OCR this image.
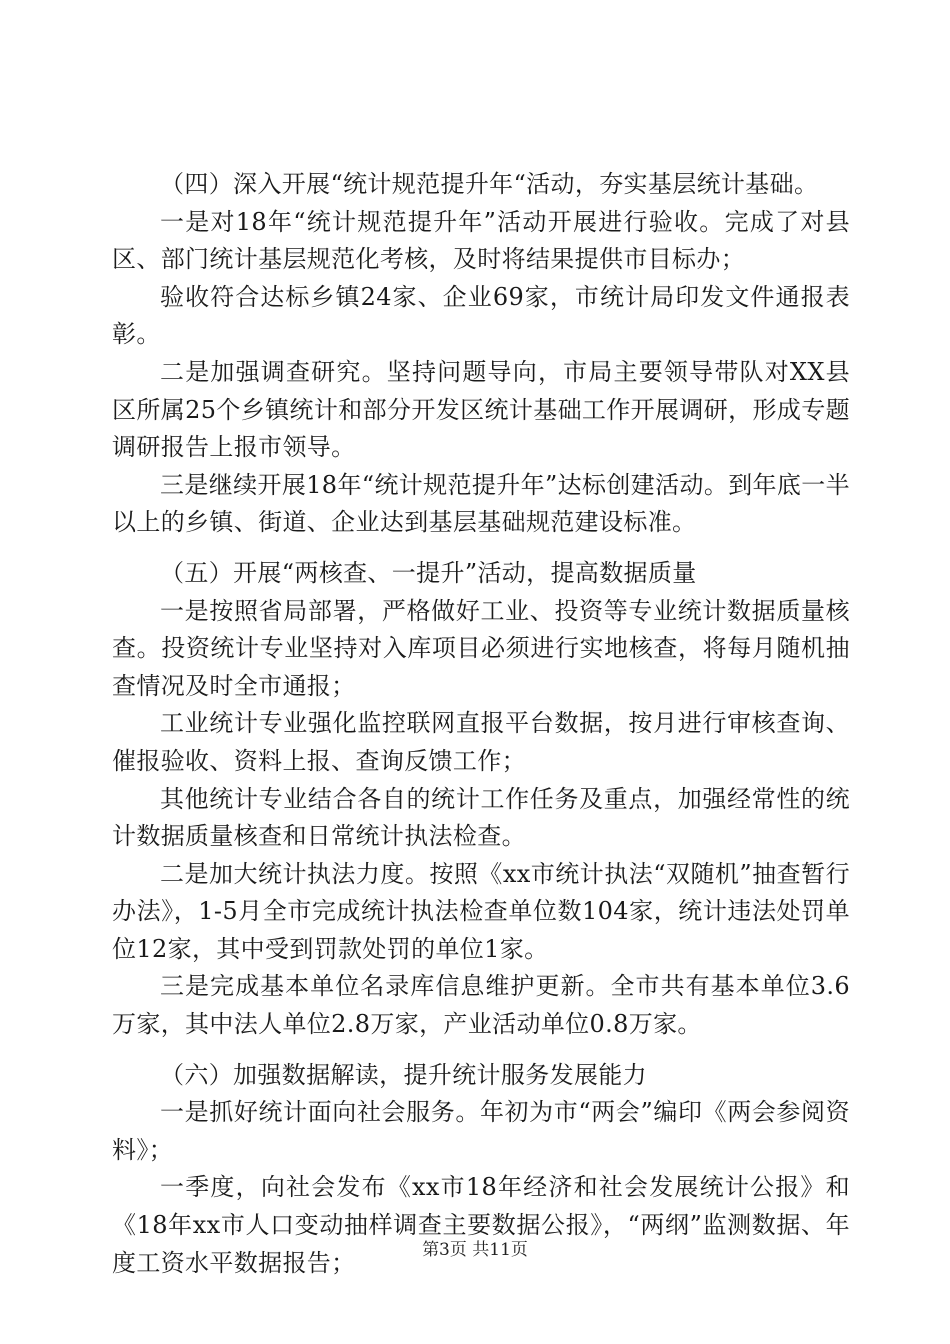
（四）深入开展“统计规范提升年“活动，夯实基层统计基础。

一是对18年“统计规范提升年”活动开展进行验收。完成了对县区、部门统计基层规范化考核，及时将结果提供市目标办；

验收符合达标乡镇24家、企业69家，市统计局印发文件通报表彰。

二是加强调查研究。坚持问题导向，市局主要领导带队对XX县区所属25个乡镇统计和部分开发区统计基础工作开展调研，形成专题调研报告上报市领导。

三是继续开展18年“统计规范提升年”达标创建活动。到年底一半以上的乡镇、街道、企业达到基层基础规范建设标准。

（五）开展“两核查、一提升”活动，提高数据质量

一是按照省局部署，严格做好工业、投资等专业统计数据质量核查。投资统计专业坚持对入库项目必须进行实地核查，将每月随机抽查情况及时全市通报；

工业统计专业强化监控联网直报平台数据，按月进行审核查询、催报验收、资料上报、查询反馈工作；

其他统计专业结合各自的统计工作任务及重点，加强经常性的统计数据质量核查和日常统计执法检查。

二是加大统计执法力度。按照《xx市统计执法“双随机”抽查暂行办法》，1-5月全市完成统计执法检查单位数104家，统计违法处罚单位12家，其中受到罚款处罚的单位1家。

三是完成基本单位名录库信息维护更新。全市共有基本单位3.6万家，其中法人单位2.8万家，产业活动单位0.8万家。

（六）加强数据解读，提升统计服务发展能力

一是抓好统计面向社会服务。年初为市“两会”编印《两会参阅资料》；

一季度，向社会发布《xx市18年经济和社会发展统计公报》和《18年xx市人口变动抽样调查主要数据公报》，“两纲”监测数据、年度工资水平数据报告；	第3页 共11页
